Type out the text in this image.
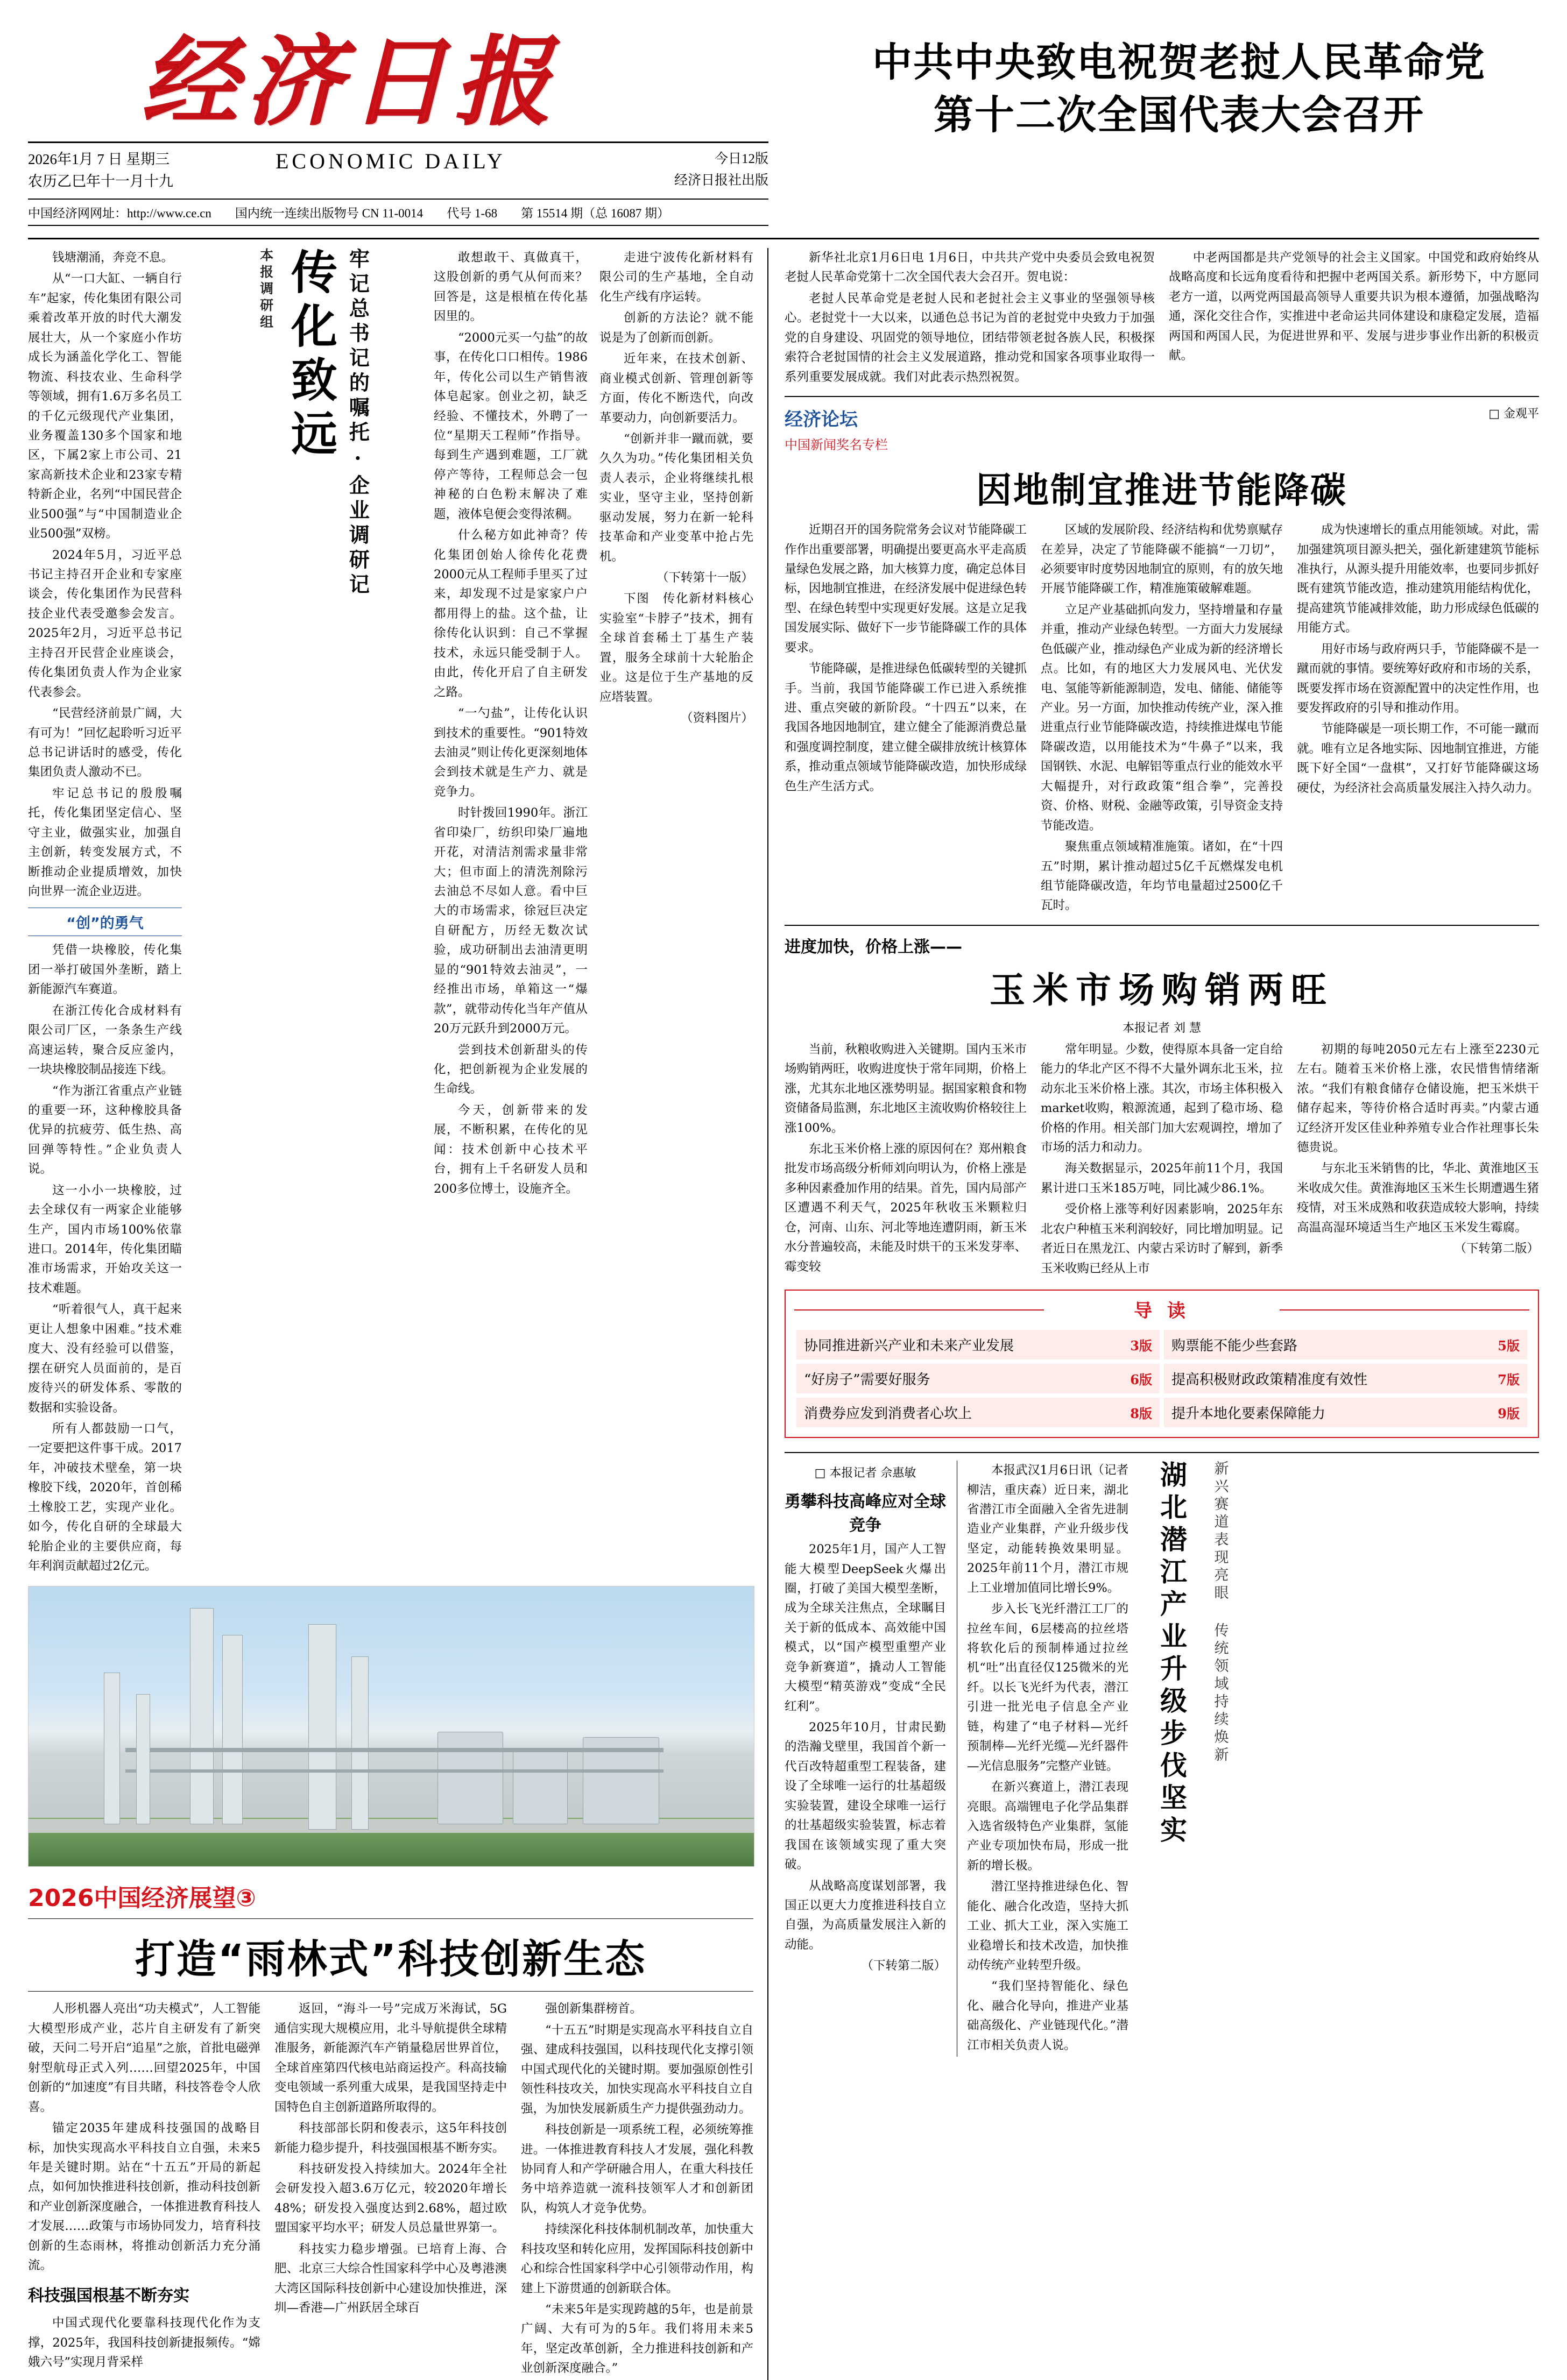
经济日报
2026年1月 7 日 星期三
农历乙巳年十一月十九
ECONOMIC DAILY	今日12版
经济日报社出版
中国经济网网址：http://www.ce.cn 国内统一连续出版物号 CN 11-0014 代号 1-68 第 15514 期（总 16087 期）
中共中央致电祝贺老挝人民革命党
第十二次全国代表大会召开

钱塘潮涌，奔竞不息。

从“一口大缸、一辆自行车”起家，传化集团有限公司乘着改革开放的时代大潮发展壮大，从一个家庭小作坊成长为涵盖化学化工、智能物流、科技农业、生命科学等领域，拥有1.6万多名员工的千亿元级现代产业集团，业务覆盖130多个国家和地区，下属2家上市公司、21家高新技术企业和23家专精特新企业，名列“中国民营企业500强”与“中国制造业企业500强”双榜。

2024年5月，习近平总书记主持召开企业和专家座谈会，传化集团作为民营科技企业代表受邀参会发言。2025年2月，习近平总书记主持召开民营企业座谈会，传化集团负责人作为企业家代表参会。

“民营经济前景广阔，大有可为！”回忆起聆听习近平总书记讲话时的感受，传化集团负责人激动不已。

牢记总书记的殷殷嘱托，传化集团坚定信心、坚守主业，做强实业，加强自主创新，转变发展方式，不断推动企业提质增效，加快向世界一流企业迈进。

“创”的勇气

凭借一块橡胶，传化集团一举打破国外垄断，踏上新能源汽车赛道。

在浙江传化合成材料有限公司厂区，一条条生产线高速运转，聚合反应釜内，一块块橡胶制品接连下线。

“作为浙江省重点产业链的重要一环，这种橡胶具备优异的抗疲劳、低生热、高回弹等特性。”企业负责人说。

这一小小一块橡胶，过去全球仅有一两家企业能够生产，国内市场100%依靠进口。2014年，传化集团瞄准市场需求，开始攻关这一技术难题。

“听着很气人，真干起来更让人想象中困难。”技术难度大、没有经验可以借鉴，摆在研究人员面前的，是百废待兴的研发体系、零散的数据和实验设备。

所有人都鼓励一口气，一定要把这件事干成。2017年，冲破技术壁垒，第一块橡胶下线，2020年，首创稀土橡胶工艺，实现产业化。如今，传化自研的全球最大轮胎企业的主要供应商，每年利润贡献超过2亿元。

本报调研组 传化致远 牢记总书记的嘱托·企业调研记	敢想敢干、真做真干，这股创新的勇气从何而来？回答是，这是根植在传化基因里的。

“2000元买一勺盐”的故事，在传化口口相传。1986年，传化公司以生产销售液体皂起家。创业之初，缺乏经验、不懂技术，外聘了一位“星期天工程师”作指导。每到生产遇到难题，工厂就停产等待，工程师总会一包神秘的白色粉末解决了难题，液体皂便会变得浓稠。

什么秘方如此神奇？传化集团创始人徐传化花费2000元从工程师手里买了过来，却发现不过是家家户户都用得上的盐。这个盐，让徐传化认识到：自己不掌握技术，永远只能受制于人。由此，传化开启了自主研发之路。

“一勺盐”，让传化认识到技术的重要性。“901特效去油灵”则让传化更深刻地体会到技术就是生产力、就是竞争力。

时针拨回1990年。浙江省印染厂，纺织印染厂遍地开花，对清洁剂需求量非常大；但市面上的清洗剂除污去油总不尽如人意。看中巨大的市场需求，徐冠巨决定自研配方，历经无数次试验，成功研制出去油清更明显的“901特效去油灵”，一经推出市场，单箱这一“爆款”，就带动传化当年产值从20万元跃升到2000万元。

尝到技术创新甜头的传化，把创新视为企业发展的生命线。

今天，创新带来的发展，不断积累，在传化的见闻：技术创新中心技术平台，拥有上千名研发人员和200多位博士，设施齐全。

走进宁波传化新材料有限公司的生产基地，全自动化生产线有序运转。

创新的方法论？就不能说是为了创新而创新。

近年来，在技术创新、商业模式创新、管理创新等方面，传化不断迭代，向改革要动力，向创新要活力。

“创新并非一蹴而就，要久久为功。”传化集团相关负责人表示，企业将继续扎根实业，坚守主业，坚持创新驱动发展，努力在新一轮科技革命和产业变革中抢占先机。

（下转第十一版）

下图　传化新材料核心实验室“卡脖子”技术，拥有全球首套稀土丁基生产装置，服务全球前十大轮胎企业。这是位于生产基地的反应塔装置。

（资料图片）

2026中国经济展望③
打造“雨林式”科技创新生态

人形机器人亮出“功夫模式”，人工智能大模型形成产业，芯片自主研发有了新突破，天问二号开启“追星”之旅，首批电磁弹射型航母正式入列……回望2025年，中国创新的“加速度”有目共睹，科技答卷令人欣喜。

锚定2035年建成科技强国的战略目标，加快实现高水平科技自立自强，未来5年是关键时期。站在“十五五”开局的新起点，如何加快推进科技创新，推动科技创新和产业创新深度融合，一体推进教育科技人才发展……政策与市场协同发力，培育科技创新的生态雨林，将推动创新活力充分涌流。

科技强国根基不断夯实

中国式现代化要靠科技现代化作为支撑，2025年，我国科技创新捷报频传。“嫦娥六号”实现月背采样

返回，“海斗一号”完成万米海试，5G通信实现大规模应用，北斗导航提供全球精准服务，新能源汽车产销量稳居世界首位，全球首座第四代核电站商运投产。科高技输变电领域一系列重大成果，是我国坚持走中国特色自主创新道路所取得的。

科技部部长阴和俊表示，这5年科技创新能力稳步提升，科技强国根基不断夯实。

科技研发投入持续加大。2024年全社会研发投入超3.6万亿元，较2020年增长48%；研发投入强度达到2.68%，超过欧盟国家平均水平；研发人员总量世界第一。

科技实力稳步增强。已培育上海、合肥、北京三大综合性国家科学中心及粤港澳大湾区国际科技创新中心建设加快推进，深圳—香港—广州跃居全球百

强创新集群榜首。

“十五五”时期是实现高水平科技自立自强、建成科技强国，以科技现代化支撑引领中国式现代化的关键时期。要加强原创性引领性科技攻关，加快实现高水平科技自立自强，为加快发展新质生产力提供强劲动力。

科技创新是一项系统工程，必须统筹推进。一体推进教育科技人才发展，强化科教协同育人和产学研融合用人，在重大科技任务中培养造就一流科技领军人才和创新团队，构筑人才竞争优势。

持续深化科技体制机制改革，加快重大科技攻坚和转化应用，发挥国际科技创新中心和综合性国家科学中心引领带动作用，构建上下游贯通的创新联合体。

“未来5年是实现跨越的5年，也是前景广阔、大有可为的5年。我们将用未来5年，坚定改革创新，全力推进科技创新和产业创新深度融合。”

新华社北京1月6日电 1月6日，中共共产党中央委员会致电祝贺老挝人民革命党第十二次全国代表大会召开。贺电说：

老挝人民革命党是老挝人民和老挝社会主义事业的坚强领导核心。老挝党十一大以来，以通色总书记为首的老挝党中央致力于加强党的自身建设、巩固党的领导地位，团结带领老挝各族人民，积极探索符合老挝国情的社会主义发展道路，推动党和国家各项事业取得一系列重要发展成就。我们对此表示热烈祝贺。

中老两国都是共产党领导的社会主义国家。中国党和政府始终从战略高度和长远角度看待和把握中老两国关系。新形势下，中方愿同老方一道，以两党两国最高领导人重要共识为根本遵循，加强战略沟通，深化交往合作，实推进中老命运共同体建设和康稳定发展，造福两国和两国人民，为促进世界和平、发展与进步事业作出新的积极贡献。

经济论坛
中国新闻奖名专栏
□ 金观平
因地制宜推进节能降碳

近期召开的国务院常务会议对节能降碳工作作出重要部署，明确提出要更高水平走高质量绿色发展之路，加大核算力度，确定总体目标，因地制宜推进，在经济发展中促进绿色转型、在绿色转型中实现更好发展。这是立足我国发展实际、做好下一步节能降碳工作的具体要求。

节能降碳，是推进绿色低碳转型的关键抓手。当前，我国节能降碳工作已进入系统推进、重点突破的新阶段。“十四五”以来，在我国各地因地制宜，建立健全了能源消费总量和强度调控制度，建立健全碳排放统计核算体系，推动重点领域节能降碳改造，加快形成绿色生产生活方式。

区域的发展阶段、经济结构和优势禀赋存在差异，决定了节能降碳不能搞“一刀切”，必须要审时度势因地制宜的原则，有的放矢地开展节能降碳工作，精准施策破解难题。

立足产业基础抓向发力，坚持增量和存量并重，推动产业绿色转型。一方面大力发展绿色低碳产业，推动绿色产业成为新的经济增长点。比如，有的地区大力发展风电、光伏发电、氢能等新能源制造，发电、储能、储能等产业。另一方面，加快推动传统产业，深入推进重点行业节能降碳改造，持续推进煤电节能降碳改造，以用能技术为“牛鼻子”以来，我国钢铁、水泥、电解铝等重点行业的能效水平大幅提升，对行政政策“组合拳”，完善投资、价格、财税、金融等政策，引导资金支持节能改造。

聚焦重点领域精准施策。诸如，在“十四五”时期，累计推动超过5亿千瓦燃煤发电机组节能降碳改造，年均节电量超过2500亿千瓦时。

成为快速增长的重点用能领域。对此，需加强建筑项目源头把关，强化新建建筑节能标准执行，从源头提升用能效率，也要同步抓好既有建筑节能改造，推动建筑用能结构优化，提高建筑节能减排效能，助力形成绿色低碳的用能方式。

用好市场与政府两只手，节能降碳不是一蹴而就的事情。要统筹好政府和市场的关系，既要发挥市场在资源配置中的决定性作用，也要发挥政府的引导和推动作用。

节能降碳是一项长期工作，不可能一蹴而就。唯有立足各地实际、因地制宜推进，方能既下好全国“一盘棋”，又打好节能降碳这场硬仗，为经济社会高质量发展注入持久动力。

进度加快，价格上涨——
玉米市场购销两旺
本报记者 刘 慧

当前，秋粮收购进入关键期。国内玉米市场购销两旺，收购进度快于常年同期，价格上涨，尤其东北地区涨势明显。据国家粮食和物资储备局监测，东北地区主流收购价格较往上涨100%。

东北玉米价格上涨的原因何在？郑州粮食批发市场高级分析师刘向明认为，价格上涨是多种因素叠加作用的结果。首先，国内局部产区遭遇不利天气，2025年秋收玉米颗粒归仓，河南、山东、河北等地连遭阴雨，新玉米水分普遍较高，未能及时烘干的玉米发芽率、霉变较

常年明显。少数，使得原本具备一定自给能力的华北产区不得不大量外调东北玉米，拉动东北玉米价格上涨。其次，市场主体积极入market收购，粮源流通，起到了稳市场、稳价格的作用。相关部门加大宏观调控，增加了市场的活力和动力。

海关数据显示，2025年前11个月，我国累计进口玉米185万吨，同比减少86.1%。

受价格上涨等利好因素影响，2025年东北农户种植玉米利润较好，同比增加明显。记者近日在黑龙江、内蒙古采访时了解到，新季玉米收购已经从上市

初期的每吨2050元左右上涨至2230元左右。随着玉米价格上涨，农民惜售情绪渐浓。“我们有粮食储存仓储设施，把玉米烘干储存起来，等待价格合适时再卖。”内蒙古通辽经济开发区佳业种养殖专业合作社理事长朱德贵说。

与东北玉米销售的比，华北、黄淮地区玉米收成欠佳。黄淮海地区玉米生长期遭遇生猪疫情，对玉米成熟和收获造成较大影响，持续高温高湿环境适当生产地区玉米发生霉腐。

（下转第二版）

导 读
协同推进新兴产业和未来产业发展	3版 购票能不能少些套路	5版
“好房子”需要好服务	6版 提高积极财政政策精准度有效性	7版
消费券应发到消费者心坎上	8版 提升本地化要素保障能力	9版
□ 本报记者 佘惠敏
勇攀科技高峰应对全球竞争

2025年1月，国产人工智能大模型DeepSeek火爆出圈，打破了美国大模型垄断，成为全球关注焦点，全球瞩目关于新的低成本、高效能中国模式，以“国产模型重塑产业竞争新赛道”，撬动人工智能大模型“精英游戏”变成“全民红利”。

2025年10月，甘肃民勤的浩瀚戈壁里，我国首个新一代百改特超重型工程装备，建设了全球唯一运行的壮基超级实验装置，建设全球唯一运行的壮基超级实验装置，标志着我国在该领域实现了重大突破。

从战略高度谋划部署，我国正以更大力度推进科技自立自强，为高质量发展注入新的动能。

（下转第二版）

本报武汉1月6日讯（记者柳洁，重庆森）近日来，湖北省潜江市全面融入全省先进制造业产业集群，产业升级步伐坚定，动能转换效果明显。2025年前11个月，潜江市规上工业增加值同比增长9%。

步入长飞光纤潜江工厂的拉丝车间，6层楼高的拉丝塔将软化后的预制棒通过拉丝机“吐”出直径仅125微米的光纤。以长飞光纤为代表，潜江引进一批光电子信息全产业链，构建了“电子材料—光纤预制棒—光纤光缆—光纤器件—光信息服务”完整产业链。

在新兴赛道上，潜江表现亮眼。高端锂电子化学品集群入选省级特色产业集群，氢能产业专项加快布局，形成一批新的增长极。

潜江坚持推进绿色化、智能化、融合化改造，坚持大抓工业、抓大工业，深入实施工业稳增长和技术改造，加快推动传统产业转型升级。

“我们坚持智能化、绿色化、融合化导向，推进产业基础高级化、产业链现代化。”潜江市相关负责人说。

湖北潜江产业升级步伐坚实 新兴赛道表现亮眼 传统领域持续焕新
